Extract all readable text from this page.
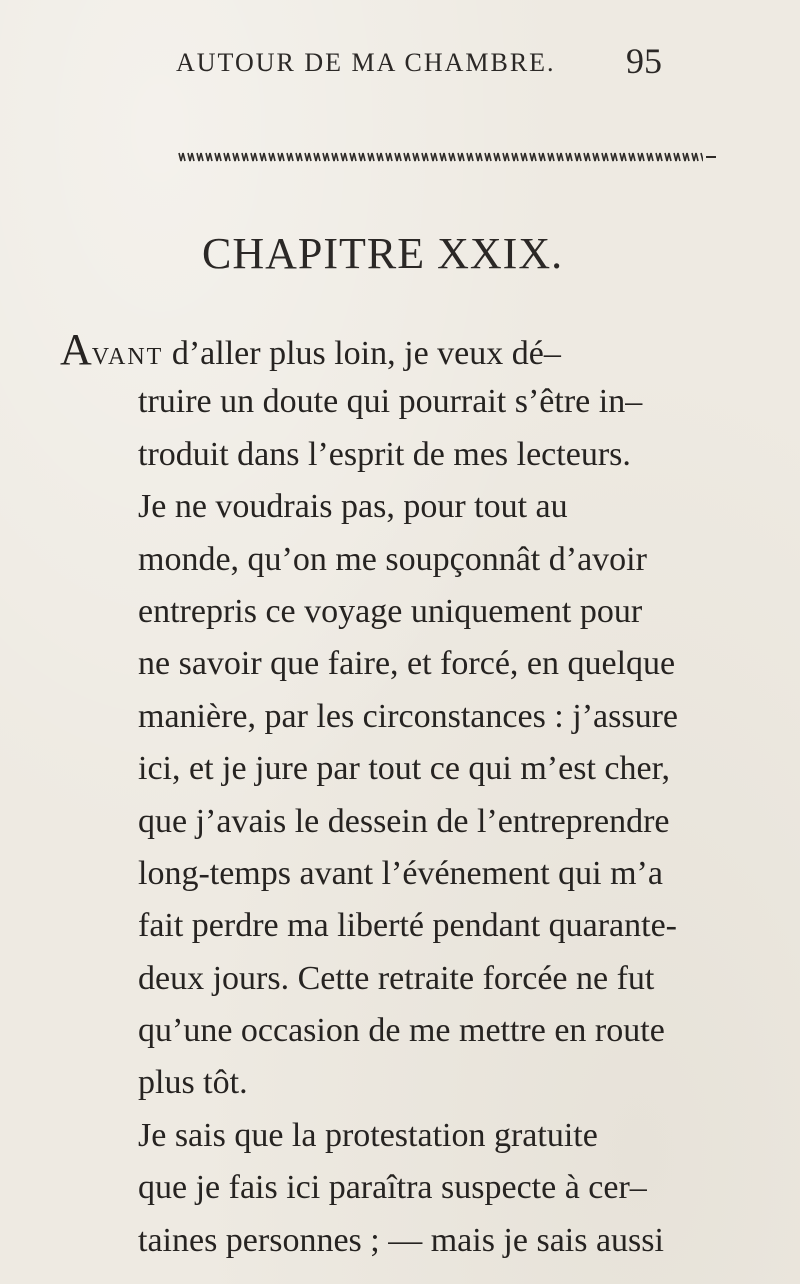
AUTOUR DE MA CHAMBRE. 95
CHAPITRE XXIX.
AVANT d’aller plus loin, je veux dé–
truire un doute qui pourrait s’être in–
troduit dans l’esprit de mes lecteurs.
Je ne voudrais pas, pour tout au
monde, qu’on me soupçonnât d’avoir
entrepris ce voyage uniquement pour
ne savoir que faire, et forcé, en quelque
manière, par les circonstances : j’assure
ici, et je jure par tout ce qui m’est cher,
que j’avais le dessein de l’entreprendre
long-temps avant l’événement qui m’a
fait perdre ma liberté pendant quarante-
deux jours. Cette retraite forcée ne fut
qu’une occasion de me mettre en route
plus tôt.
Je sais que la protestation gratuite
que je fais ici paraîtra suspecte à cer–
taines personnes ; — mais je sais aussi
